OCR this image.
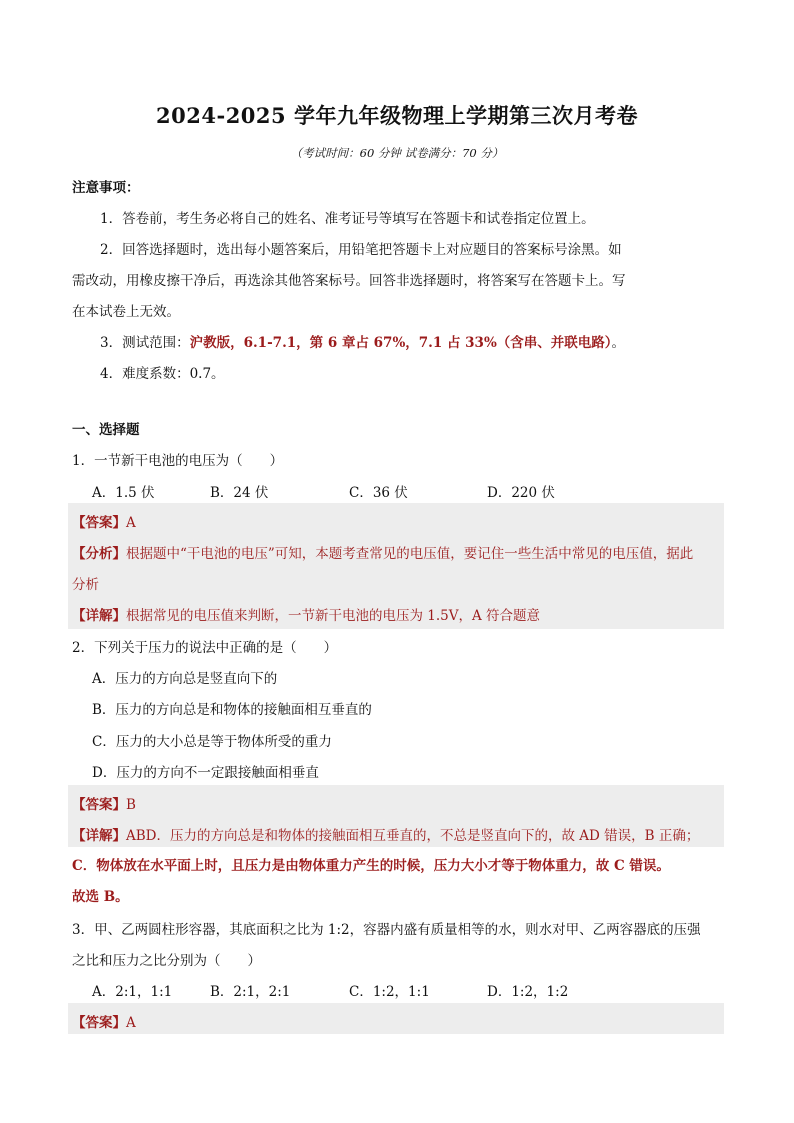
2024-2025 学年九年级物理上学期第三次月考卷
（考试时间：60 分钟 试卷满分：70 分）
注意事项：
1．答卷前，考生务必将自己的姓名、准考证号等填写在答题卡和试卷指定位置上。
2．回答选择题时，选出每小题答案后，用铅笔把答题卡上对应题目的答案标号涂黑。如
需改动，用橡皮擦干净后，再选涂其他答案标号。回答非选择题时，将答案写在答题卡上。写
在本试卷上无效。
3．测试范围：沪教版，6.1-7.1，第 6 章占 67%，7.1 占 33%（含串、并联电路）。
4．难度系数：0.7。
一、选择题
1．一节新干电池的电压为（　　）
A．1.5 伏	B．24 伏	C．36 伏	D．220 伏
【答案】A
【分析】根据题中“干电池的电压”可知，本题考查常见的电压值，要记住一些生活中常见的电压值，据此
分析
【详解】根据常见的电压值来判断，一节新干电池的电压为 1.5V，A 符合题意
2．下列关于压力的说法中正确的是（　　）
A．压力的方向总是竖直向下的
B．压力的方向总是和物体的接触面相互垂直的
C．压力的大小总是等于物体所受的重力
D．压力的方向不一定跟接触面相垂直
【答案】B
【详解】ABD．压力的方向总是和物体的接触面相互垂直的，不总是竖直向下的，故 AD 错误，B 正确；
C．物体放在水平面上时，且压力是由物体重力产生的时候，压力大小才等于物体重力，故 C 错误。
故选 B。
3．甲、乙两圆柱形容器，其底面积之比为 1:2，容器内盛有质量相等的水，则水对甲、乙两容器底的压强
之比和压力之比分别为（　　）
A．2:1，1:1	B．2:1，2:1	C．1:2，1:1	D．1:2，1:2
【答案】A
